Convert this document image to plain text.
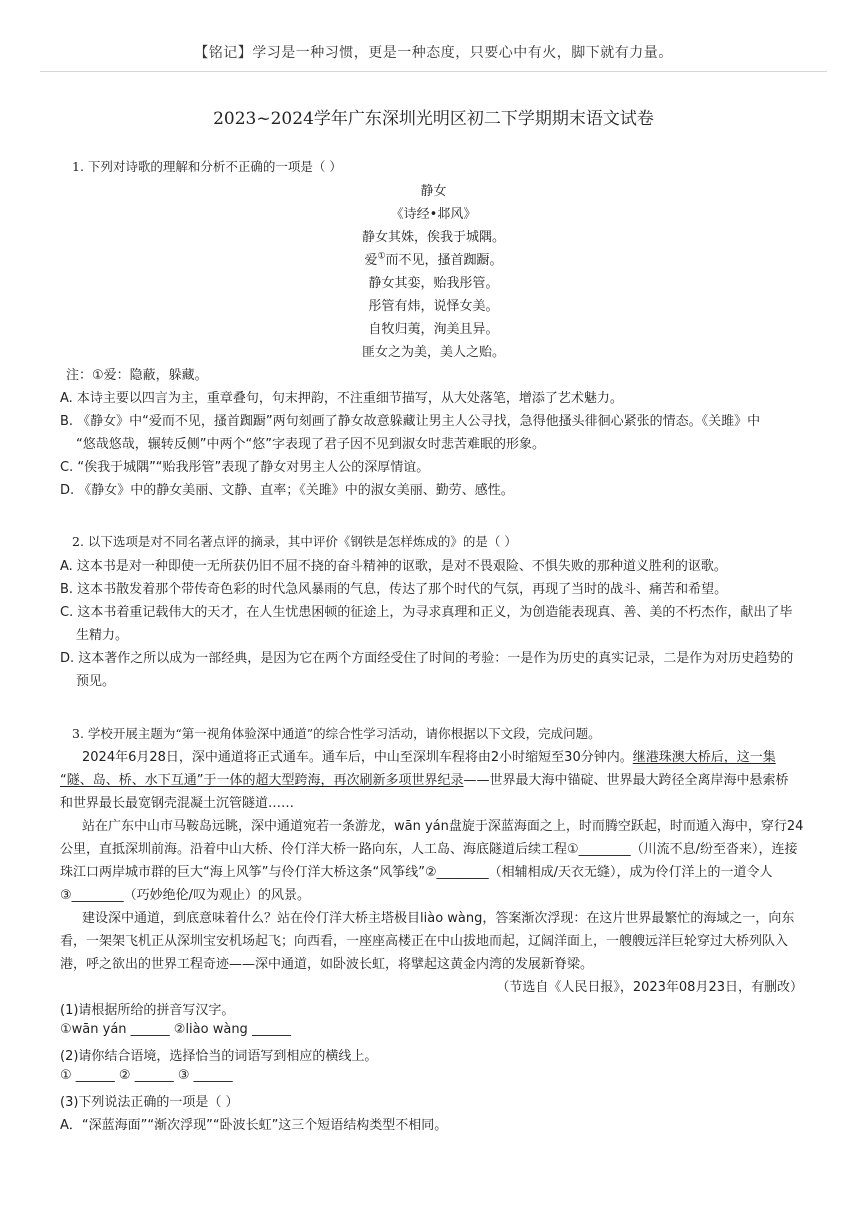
【铭记】学习是一种习惯，更是一种态度，只要心中有火，脚下就有力量。
2023~2024学年广东深圳光明区初二下学期期末语文试卷
1. 下列对诗歌的理解和分析不正确的一项是（ ）
静女
《诗经•邶风》
静女其姝，俟我于城隅。
爱①而不见，搔首踟蹰。
静女其娈，贻我彤管。
彤管有炜，说怿女美。
自牧归荑，洵美且异。
匪女之为美，美人之贻。
注：①爱：隐蔽，躲藏。
A. 本诗主要以四言为主，重章叠句，句末押韵，不注重细节描写，从大处落笔，增添了艺术魅力。
B. 《静女》中“爱而不见，搔首踟蹰”两句刻画了静女故意躲藏让男主人公寻找，急得他搔头徘徊心紧张的情态。《关雎》中
“悠哉悠哉，辗转反侧”中两个“悠”字表现了君子因不见到淑女时悲苦难眠的形象。
C. “俟我于城隅”“贻我彤管”表现了静女对男主人公的深厚情谊。
D. 《静女》中的静女美丽、文静、直率；《关雎》中的淑女美丽、勤劳、感性。
2. 以下选项是对不同名著点评的摘录，其中评价《钢铁是怎样炼成的》的是（ ）
A. 这本书是对一种即使一无所获仍旧不屈不挠的奋斗精神的讴歌，是对不畏艰险、不惧失败的那种道义胜利的讴歌。
B. 这本书散发着那个带传奇色彩的时代急风暴雨的气息，传达了那个时代的气氛，再现了当时的战斗、痛苦和希望。
C. 这本书着重记载伟大的天才，在人生忧患困顿的征途上，为寻求真理和正义，为创造能表现真、善、美的不朽杰作，献出了毕
生精力。
D. 这本著作之所以成为一部经典，是因为它在两个方面经受住了时间的考验：一是作为历史的真实记录，二是作为对历史趋势的
预见。
3. 学校开展主题为“第一视角体验深中通道”的综合性学习活动，请你根据以下文段，完成问题。
2024年6月28日，深中通道将正式通车。通车后，中山至深圳车程将由2小时缩短至30分钟内。继港珠澳大桥后，这一集
“隧、岛、桥、水下互通”于一体的超大型跨海，再次刷新多项世界纪录——世界最大海中锚碇、世界最大跨径全离岸海中悬索桥
和世界最长最宽钢壳混凝土沉管隧道……
站在广东中山市马鞍岛远眺，深中通道宛若一条游龙，wān yán盘旋于深蓝海面之上，时而腾空跃起，时而遁入海中，穿行24
公里，直抵深圳前海。沿着中山大桥、伶仃洋大桥一路向东，人工岛、海底隧道后续工程①________（川流不息/纷至沓来），连接
珠江口两岸城市群的巨大“海上风筝”与伶仃洋大桥这条“风筝线”②________（相辅相成/天衣无缝），成为伶仃洋上的一道令人
③________（巧妙绝伦/叹为观止）的风景。
建设深中通道，到底意味着什么？站在伶仃洋大桥主塔极目liào wàng，答案渐次浮现：在这片世界最繁忙的海域之一，向东
看，一架架飞机正从深圳宝安机场起飞；向西看，一座座高楼正在中山拔地而起，辽阔洋面上，一艘艘远洋巨轮穿过大桥列队入
港，呼之欲出的世界工程奇迹——深中通道，如卧波长虹，将擘起这黄金内湾的发展新脊梁。
（节选自《人民日报》，2023年08月23日，有删改）
(1)请根据所给的拼音写汉字。
①wān yán ______ ②liào wàng ______
(2)请你结合语境，选择恰当的词语写到相应的横线上。
① ______ ② ______ ③ ______
(3)下列说法正确的一项是（ ）
A．“深蓝海面”“渐次浮现”“卧波长虹”这三个短语结构类型不相同。
